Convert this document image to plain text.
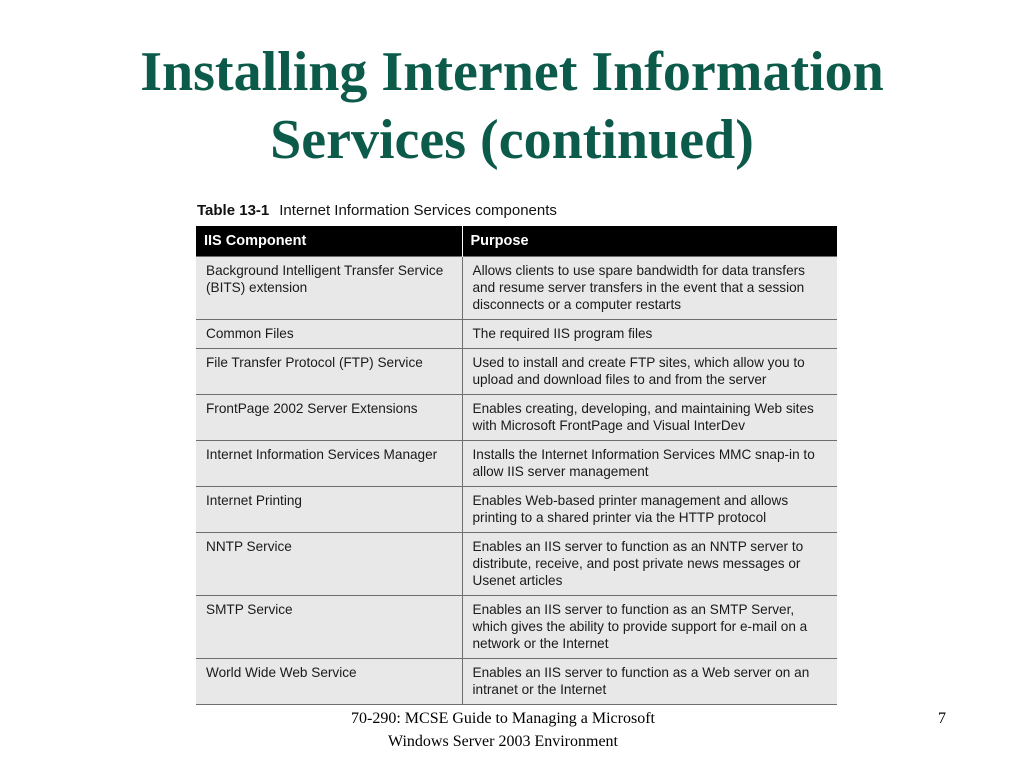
Installing Internet Information
Services (continued)
Table 13-1 Internet Information Services components
IIS Component	Purpose
Background Intelligent Transfer Service (BITS) extension	Allows clients to use spare bandwidth for data transfers and resume server transfers in the event that a session disconnects or a computer restarts
Common Files	The required IIS program files
File Transfer Protocol (FTP) Service	Used to install and create FTP sites, which allow you to upload and download files to and from the server
FrontPage 2002 Server Extensions	Enables creating, developing, and maintaining Web sites with Microsoft FrontPage and Visual InterDev
Internet Information Services Manager	Installs the Internet Information Services MMC snap-in to allow IIS server management
Internet Printing	Enables Web-based printer management and allows printing to a shared printer via the HTTP protocol
NNTP Service	Enables an IIS server to function as an NNTP server to distribute, receive, and post private news messages or Usenet articles
SMTP Service	Enables an IIS server to function as an SMTP Server, which gives the ability to provide support for e-mail on a network or the Internet
World Wide Web Service	Enables an IIS server to function as a Web server on an intranet or the Internet
70-290: MCSE Guide to Managing a Microsoft
Windows Server 2003 Environment
7
